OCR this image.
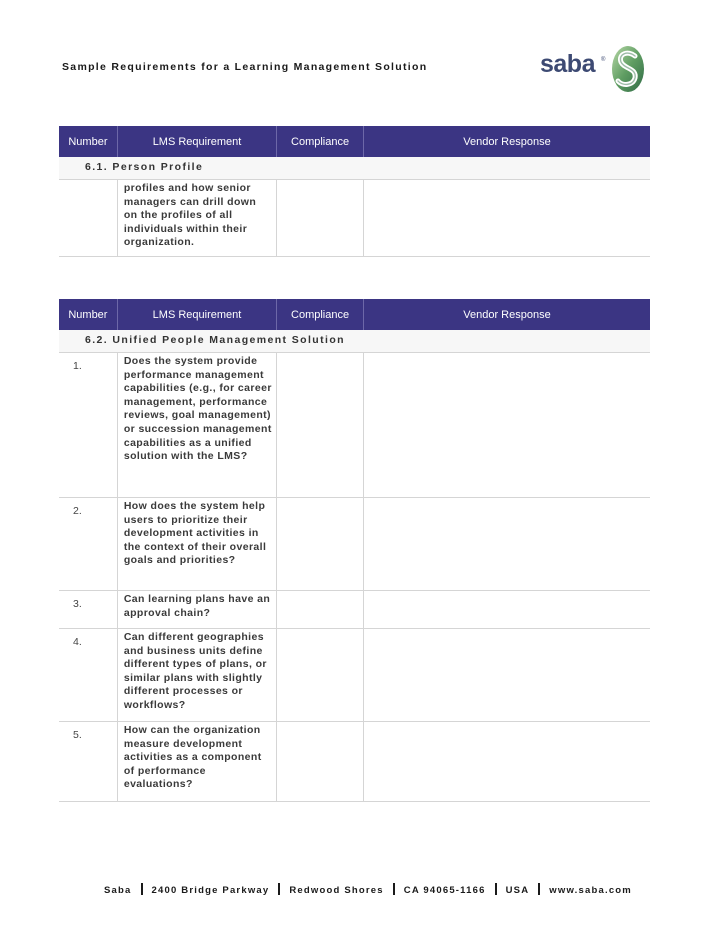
Sample Requirements for a Learning Management Solution	saba ®
Number	LMS Requirement	Compliance	Vendor Response

6.1. Person Profile			

	profiles and how senior managers can drill down on the profiles of all individuals within their organization.		
Number	LMS Requirement	Compliance	Vendor Response

6.2. Unified People Management Solution			

1.	Does the system provide performance management capabilities (e.g., for career management, performance reviews, goal management) or succession management capabilities as a unified solution with the LMS?		
2.	How does the system help users to prioritize their development activities in the context of their overall goals and priorities?		
3.	Can learning plans have an approval chain?		
4.	Can different geographies and business units define different types of plans, or similar plans with slightly different processes or workflows?		
5.	How can the organization measure development activities as a component of performance evaluations?		
Saba 2400 Bridge Parkway Redwood Shores CA 94065-1166 USA www.saba.com
